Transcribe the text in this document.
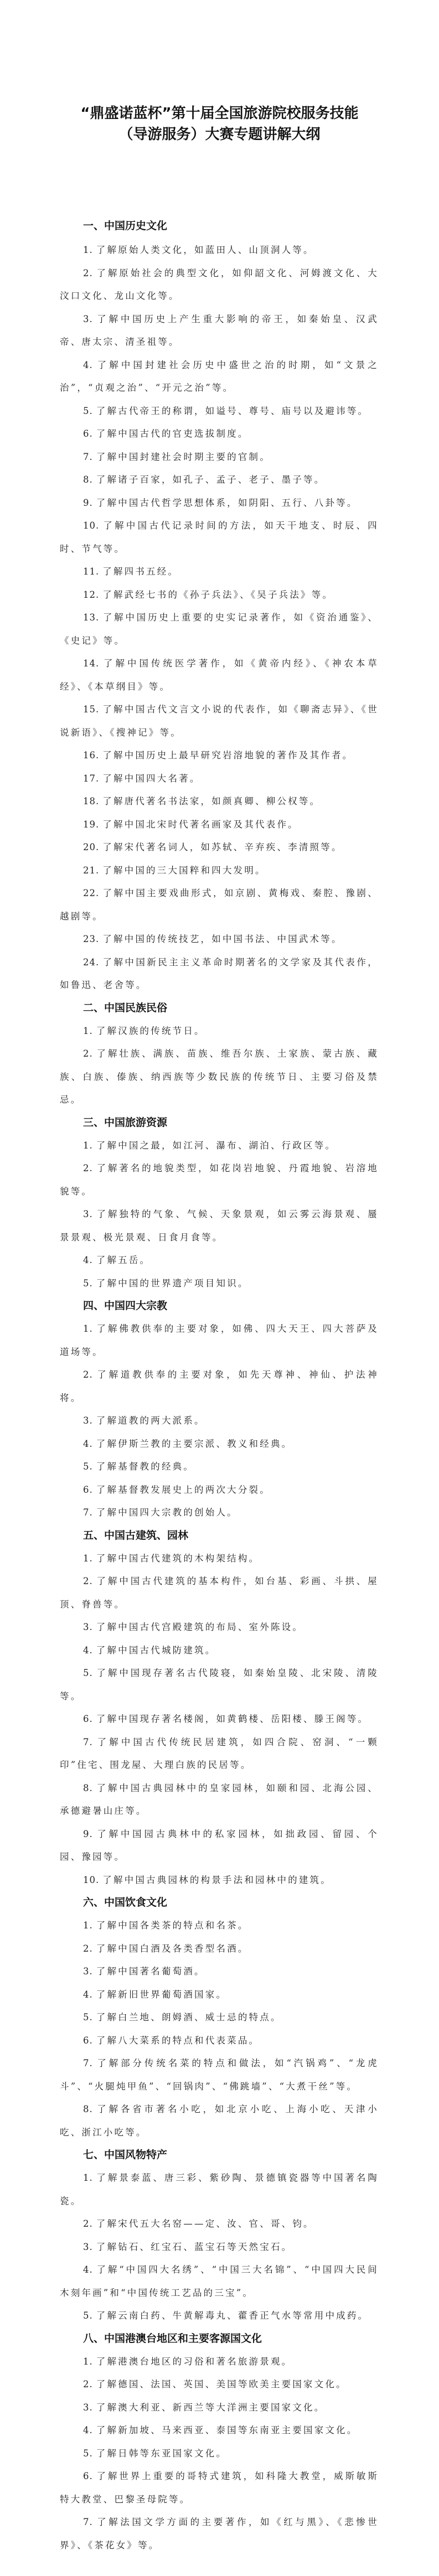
“鼎盛诺蓝杯”第十届全国旅游院校服务技能
（导游服务）大赛专题讲解大纲

一、中国历史文化

1. 了解原始人类文化，如蓝田人、山顶洞人等。

2. 了解原始社会的典型文化，如仰韶文化、河姆渡文化、大汶口文化、龙山文化等。

3. 了解中国历史上产生重大影响的帝王，如秦始皇、汉武帝、唐太宗、清圣祖等。

4. 了解中国封建社会历史中盛世之治的时期，如“文景之治”，“贞观之治”、“开元之治”等。

5. 了解古代帝王的称谓，如谥号、尊号、庙号以及避讳等。

6. 了解中国古代的官吏选拔制度。

7. 了解中国封建社会时期主要的官制。

8. 了解诸子百家，如孔子、孟子、老子、墨子等。

9. 了解中国古代哲学思想体系，如阴阳、五行、八卦等。

10. 了解中国古代记录时间的方法，如天干地支、时辰、四时、节气等。

11. 了解四书五经。

12. 了解武经七书的《孙子兵法》、《吴子兵法》等。

13. 了解中国历史上重要的史实记录著作，如《资治通鉴》、《史记》等。

14. 了解中国传统医学著作，如《黄帝内经》、《神农本草经》、《本草纲目》等。

15. 了解中国古代文言文小说的代表作，如《聊斋志异》、《世说新语》、《搜神记》等。

16. 了解中国历史上最早研究岩溶地貌的著作及其作者。

17. 了解中国四大名著。

18. 了解唐代著名书法家，如颜真卿、柳公权等。

19. 了解中国北宋时代著名画家及其代表作。

20. 了解宋代著名词人，如苏轼、辛弃疾、李清照等。

21. 了解中国的三大国粹和四大发明。

22. 了解中国主要戏曲形式，如京剧、黄梅戏、秦腔、豫剧、越剧等。

23. 了解中国的传统技艺，如中国书法、中国武术等。

24. 了解中国新民主主义革命时期著名的文学家及其代表作，如鲁迅、老舍等。

二、中国民族民俗

1. 了解汉族的传统节日。

2. 了解壮族、满族、苗族、维吾尔族、土家族、蒙古族、藏族、白族、傣族、纳西族等少数民族的传统节日、主要习俗及禁忌。

三、中国旅游资源

1. 了解中国之最，如江河、瀑布、湖泊、行政区等。

2. 了解著名的地貌类型，如花岗岩地貌、丹霞地貌、岩溶地貌等。

3. 了解独特的气象、气候、天象景观，如云雾云海景观、蜃景景观、极光景观、日食月食等。

4. 了解五岳。

5. 了解中国的世界遗产项目知识。

四、中国四大宗教

1. 了解佛教供奉的主要对象，如佛、四大天王、四大菩萨及道场等。

2. 了解道教供奉的主要对象，如先天尊神、神仙、护法神将。

3. 了解道教的两大派系。

4. 了解伊斯兰教的主要宗派、教义和经典。

5. 了解基督教的经典。

6. 了解基督教发展史上的两次大分裂。

7. 了解中国四大宗教的创始人。

五、中国古建筑、园林

1. 了解中国古代建筑的木构架结构。

2. 了解中国古代建筑的基本构件，如台基、彩画、斗拱、屋顶、脊兽等。

3. 了解中国古代宫殿建筑的布局、室外陈设。

4. 了解中国古代城防建筑。

5. 了解中国现存著名古代陵寝，如秦始皇陵、北宋陵、清陵等。

6. 了解中国现存著名楼阁，如黄鹤楼、岳阳楼、滕王阁等。

7. 了解中国古代传统民居建筑，如四合院、窑洞、“一颗印”住宅、围龙屋、大理白族的民居等。

8. 了解中国古典园林中的皇家园林，如颐和园、北海公园、承德避暑山庄等。

9. 了解中国园古典林中的私家园林，如拙政园、留园、个园、豫园等。

10. 了解中国古典园林的构景手法和园林中的建筑。

六、中国饮食文化

1. 了解中国各类茶的特点和名茶。

2. 了解中国白酒及各类香型名酒。

3. 了解中国著名葡萄酒。

4. 了解新旧世界葡萄酒国家。

5. 了解白兰地、朗姆酒、威士忌的特点。

6. 了解八大菜系的特点和代表菜品。

7. 了解部分传统名菜的特点和做法，如“汽锅鸡”、“龙虎斗”、“火腿炖甲鱼”、“回锅肉”、“佛跳墙”、“大煮干丝”等。

8. 了解各省市著名小吃，如北京小吃、上海小吃、天津小吃、浙江小吃等。

七、中国风物特产

1. 了解景泰蓝、唐三彩、紫砂陶、景德镇瓷器等中国著名陶瓷。

2. 了解宋代五大名窑——定、汝、官、哥、钧。

3. 了解钻石、红宝石、蓝宝石等天然宝石。

4. 了解“中国四大名绣”、“中国三大名锦”、“中国四大民间木刻年画”和“中国传统工艺品的三宝”。

5. 了解云南白药、牛黄解毒丸、藿香正气水等常用中成药。

八、中国港澳台地区和主要客源国文化

1. 了解港澳台地区的习俗和著名旅游景观。

2. 了解德国、法国、英国、美国等欧美主要国家文化。

3. 了解澳大利亚、新西兰等大洋洲主要国家文化。

4. 了解新加坡、马来西亚、泰国等东南亚主要国家文化。

5. 了解日韩等东亚国家文化。

6. 了解世界上重要的哥特式建筑，如科隆大教堂，威斯敏斯特大教堂、巴黎圣母院等。

7. 了解法国文学方面的主要著作，如《红与黑》、《悲惨世界》、《茶花女》等。
